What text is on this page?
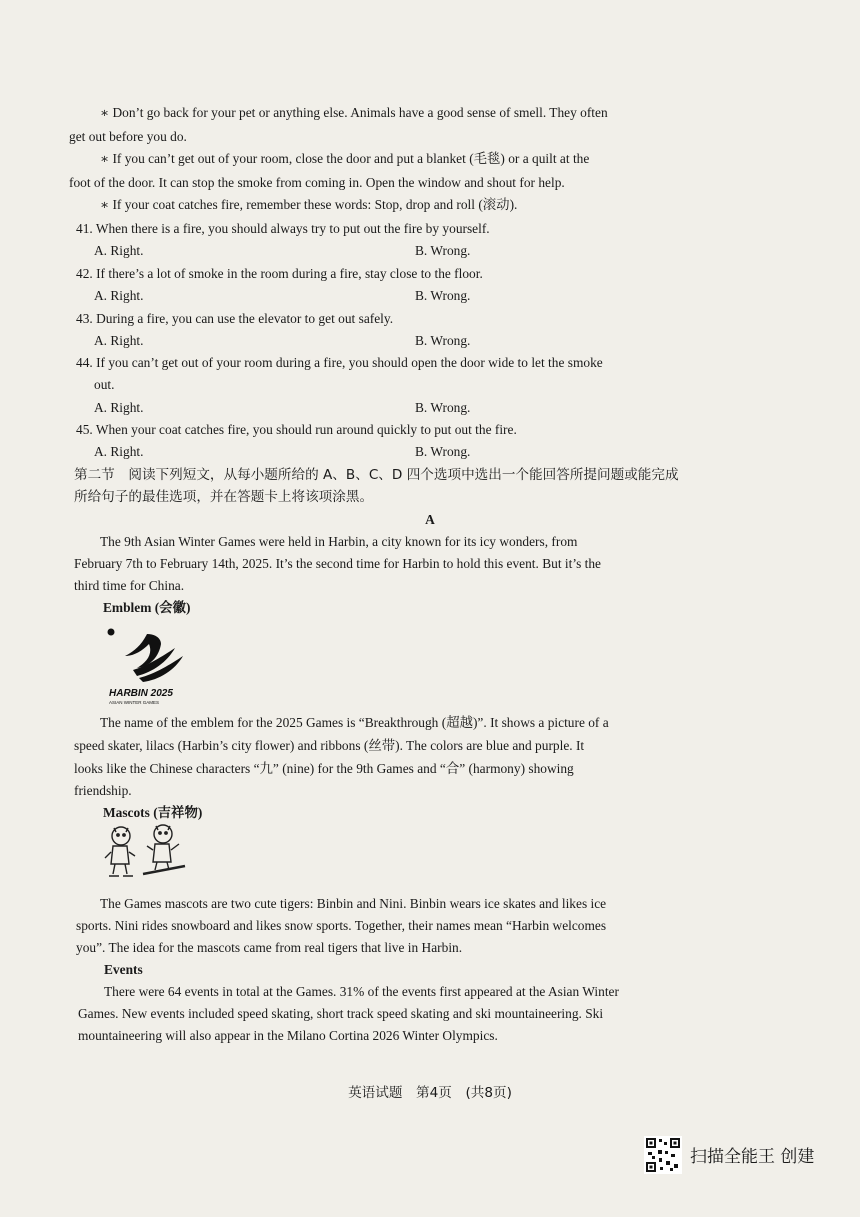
∗ Don’t go back for your pet or anything else. Animals have a good sense of smell. They often
get out before you do.
∗ If you can’t get out of your room, close the door and put a blanket (毛毯) or a quilt at the
foot of the door. It can stop the smoke from coming in. Open the window and shout for help.
∗ If your coat catches fire, remember these words: Stop, drop and roll (滚动).
41. When there is a fire, you should always try to put out the fire by yourself.
A. Right.	B. Wrong.
42. If there’s a lot of smoke in the room during a fire, stay close to the floor.
A. Right.	B. Wrong.
43. During a fire, you can use the elevator to get out safely.
A. Right.	B. Wrong.
44. If you can’t get out of your room during a fire, you should open the door wide to let the smoke
out.
A. Right.	B. Wrong.
45. When your coat catches fire, you should run around quickly to put out the fire.
A. Right.	B. Wrong.
第二节　阅读下列短文，从每小题所给的 A、B、C、D 四个选项中选出一个能回答所提问题或能完成
所给句子的最佳选项，并在答题卡上将该项涂黑。
A
The 9th Asian Winter Games were held in Harbin, a city known for its icy wonders, from
February 7th to February 14th, 2025. It’s the second time for Harbin to hold this event. But it’s the
third time for China.
Emblem (会徽)
HARBIN 2025
ASIAN WINTER GAMES
The name of the emblem for the 2025 Games is “Breakthrough (超越)”. It shows a picture of a
speed skater, lilacs (Harbin’s city flower) and ribbons (丝带). The colors are blue and purple. It
looks like the Chinese characters “九” (nine) for the 9th Games and “合” (harmony) showing
friendship.
Mascots (吉祥物)
The Games mascots are two cute tigers: Binbin and Nini. Binbin wears ice skates and likes ice
sports. Nini rides snowboard and likes snow sports. Together, their names mean “Harbin welcomes
you”. The idea for the mascots came from real tigers that live in Harbin.
Events
There were 64 events in total at the Games. 31% of the events first appeared at the Asian Winter
Games. New events included speed skating, short track speed skating and ski mountaineering. Ski
mountaineering will also appear in the Milano Cortina 2026 Winter Olympics.
英语试题　第4页　(共8页)
扫描全能王 创建
